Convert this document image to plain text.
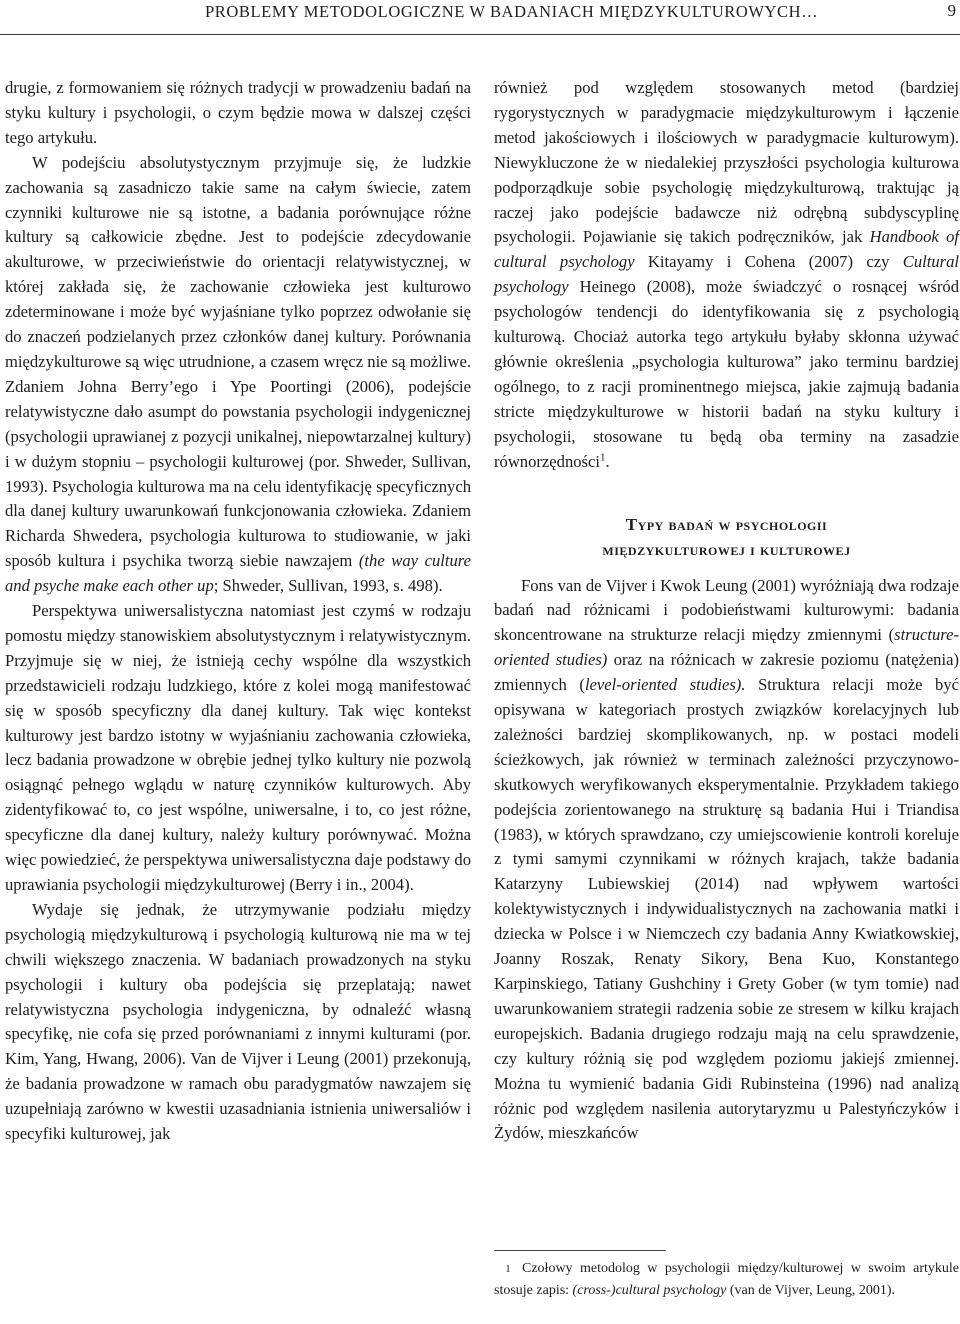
PROBLEMY METODOLOGICZNE W BADANIACH MIĘDZYKULTUROWYCH…	9

drugie, z formowaniem się różnych tradycji w prowadzeniu badań na styku kultury i psychologii, o czym będzie mowa w dalszej części tego artykułu.

W podejściu absolutystycznym przyjmuje się, że ludzkie zachowania są zasadniczo takie same na całym świecie, zatem czynniki kulturowe nie są istotne, a badania porównujące różne kultury są całkowicie zbędne. Jest to podejście zdecydowanie akulturowe, w przeciwieństwie do orientacji relatywistycznej, w której zakłada się, że zachowanie człowieka jest kulturowo zdeterminowane i może być wyjaśniane tylko poprzez odwołanie się do znaczeń podzielanych przez członków danej kultury. Porównania międzykulturowe są więc utrudnione, a czasem wręcz nie są możliwe. Zdaniem Johna Berry’ego i Ype Poortingi (2006), podejście relatywistyczne dało asumpt do powstania psychologii indygenicznej (psychologii uprawianej z pozycji unikalnej, niepowtarzalnej kultury) i w dużym stopniu – psychologii kulturowej (por. Shweder, Sullivan, 1993). Psychologia kulturowa ma na celu identyfikację specyficznych dla danej kultury uwarunkowań funkcjonowania człowieka. Zdaniem Richarda Shwedera, psychologia kulturowa to studiowanie, w jaki sposób kultura i psychika tworzą siebie nawzajem (the way culture and psyche make each other up; Shweder, Sullivan, 1993, s. 498).

Perspektywa uniwersalistyczna natomiast jest czymś w rodzaju pomostu między stanowiskiem absolutystycznym i relatywistycznym. Przyjmuje się w niej, że istnieją cechy wspólne dla wszystkich przedstawicieli rodzaju ludzkiego, które z kolei mogą manifestować się w sposób specyficzny dla danej kultury. Tak więc kontekst kulturowy jest bardzo istotny w wyjaśnianiu zachowania człowieka, lecz badania prowadzone w obrębie jednej tylko kultury nie pozwolą osiągnąć pełnego wglądu w naturę czynników kulturowych. Aby zidentyfikować to, co jest wspólne, uniwersalne, i to, co jest różne, specyficzne dla danej kultury, należy kultury porównywać. Można więc powiedzieć, że perspektywa uniwersalistyczna daje podstawy do uprawiania psychologii międzykulturowej (Berry i in., 2004).

Wydaje się jednak, że utrzymywanie podziału między psychologią międzykulturową i psychologią kulturową nie ma w tej chwili większego znaczenia. W badaniach prowadzonych na styku psychologii i kultury oba podejścia się przeplatają; nawet relatywistyczna psychologia indygeniczna, by odnaleźć własną specyfikę, nie cofa się przed porównaniami z innymi kulturami (por. Kim, Yang, Hwang, 2006). Van de Vijver i Leung (2001) przekonują, że badania prowadzone w ramach obu paradygmatów nawzajem się uzupełniają zarówno w kwestii uzasadniania istnienia uniwersaliów i specyfiki kulturowej, jak

również pod względem stosowanych metod (bardziej rygorystycznych w paradygmacie międzykulturowym i łączenie metod jakościowych i ilościowych w paradygmacie kulturowym). Niewykluczone że w niedalekiej przyszłości psychologia kulturowa podporządkuje sobie psychologię międzykulturową, traktując ją raczej jako podejście badawcze niż odrębną subdyscyplinę psychologii. Pojawianie się takich podręczników, jak Handbook of cultural psychology Kitayamy i Cohena (2007) czy Cultural psychology Heinego (2008), może świadczyć o rosnącej wśród psychologów tendencji do identyfikowania się z psychologią kulturową. Chociaż autorka tego artykułu byłaby skłonna używać głównie określenia „psychologia kulturowa” jako terminu bardziej ogólnego, to z racji prominentnego miejsca, jakie zajmują badania stricte międzykulturowe w historii badań na styku kultury i psychologii, stosowane tu będą oba terminy na zasadzie równorzędności$^1$.

Typy badań w psychologii
międzykulturowej i kulturowej

Fons van de Vijver i Kwok Leung (2001) wyróżniają dwa rodzaje badań nad różnicami i podobieństwami kulturowymi: badania skoncentrowane na strukturze relacji między zmiennymi (structure-oriented studies) oraz na różnicach w zakresie poziomu (natężenia) zmiennych (level-oriented studies). Struktura relacji może być opisywana w kategoriach prostych związków korelacyjnych lub zależności bardziej skomplikowanych, np. w postaci modeli ścieżkowych, jak również w terminach zależności przyczynowo-skutkowych weryfikowanych eksperymentalnie. Przykładem takiego podejścia zorientowanego na strukturę są badania Hui i Triandisa (1983), w których sprawdzano, czy umiejscowienie kontroli koreluje z tymi samymi czynnikami w różnych krajach, także badania Katarzyny Lubiewskiej (2014) nad wpływem wartości kolektywistycznych i indywidualistycznych na zachowania matki i dziecka w Polsce i w Niemczech czy badania Anny Kwiatkowskiej, Joanny Roszak, Renaty Sikory, Bena Kuo, Konstantego Karpinskiego, Tatiany Gushchiny i Grety Gober (w tym tomie) nad uwarunkowaniem strategii radzenia sobie ze stresem w kilku krajach europejskich. Badania drugiego rodzaju mają na celu sprawdzenie, czy kultury różnią się pod względem poziomu jakiejś zmiennej. Można tu wymienić badania Gidi Rubinsteina (1996) nad analizą różnic pod względem nasilenia autorytaryzmu u Palestyńczyków i Żydów, mieszkańców

1 Czołowy metodolog w psychologii między/kulturowej w swoim artykule stosuje zapis: (cross-)cultural psychology (van de Vijver, Leung, 2001).
